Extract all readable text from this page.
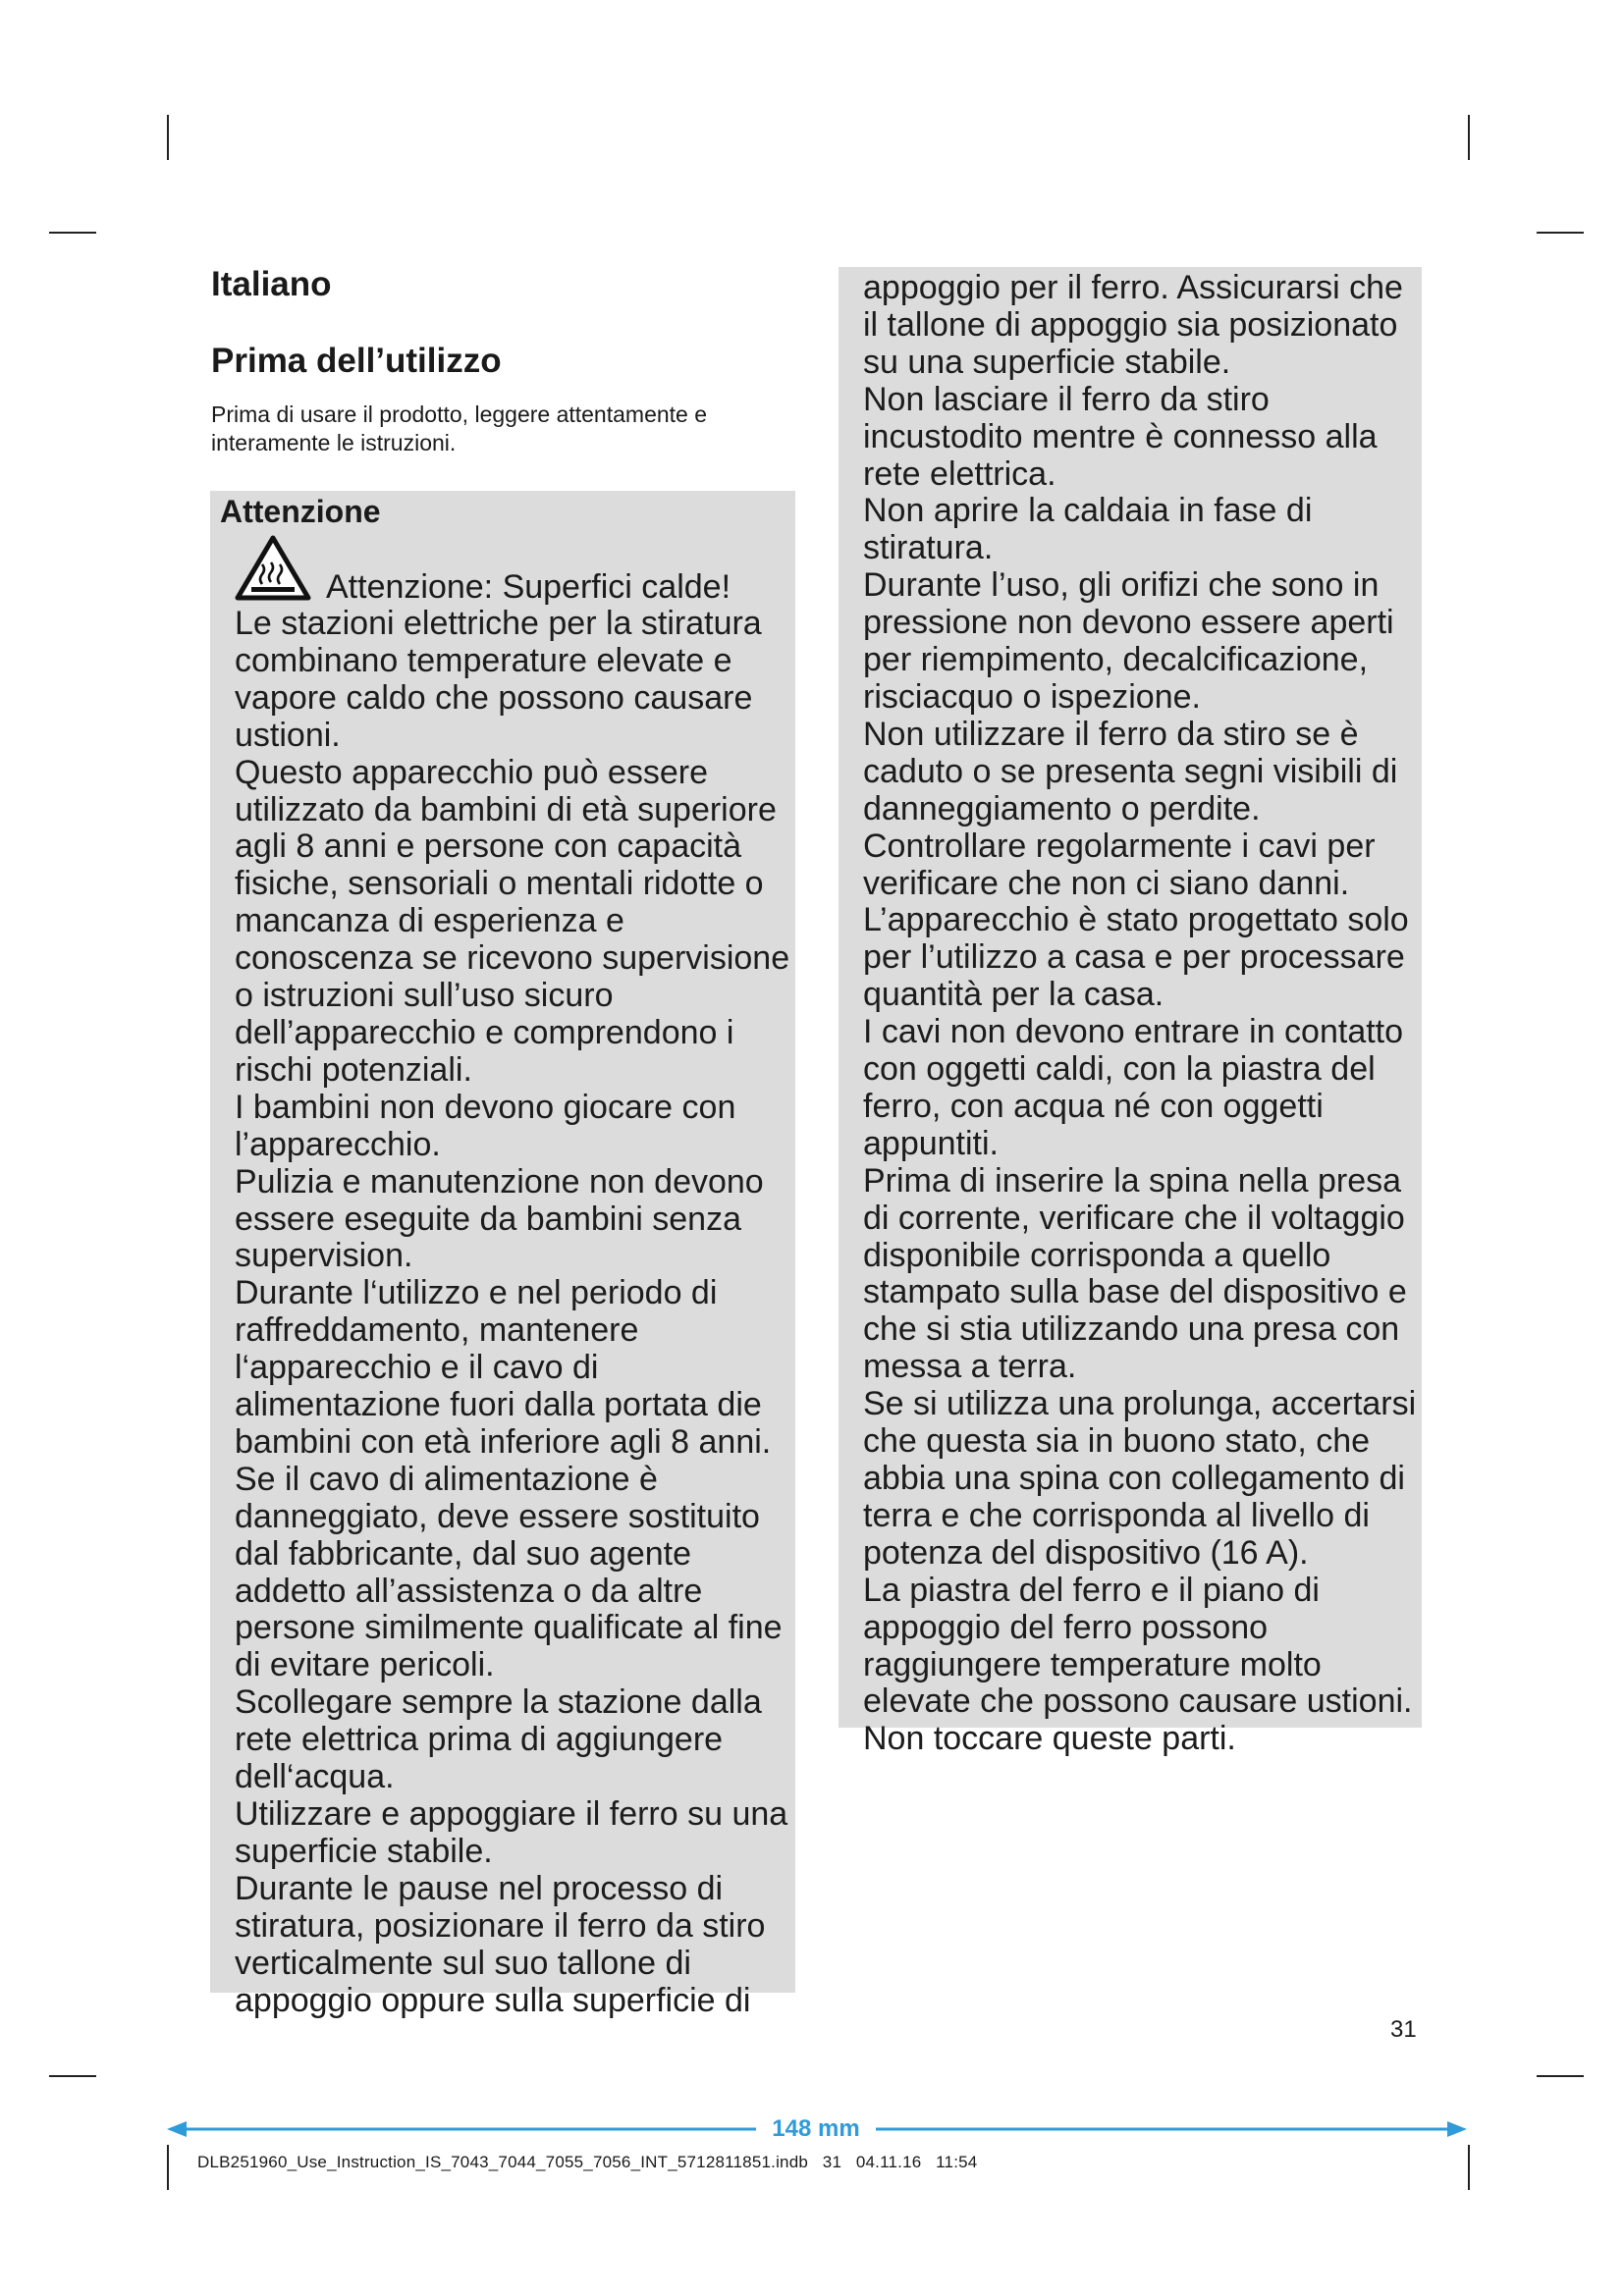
Italiano
Prima dell’utilizzo
Prima di usare il prodotto, leggere attentamente e interamente le istruzioni.
Attenzione
Attenzione: Superfici calde!

Le stazioni elettriche per la stiratura combinano temperature elevate e vapore caldo che possono causare ustioni.

Questo apparecchio può essere utilizzato da bambini di età superiore agli 8 anni e persone con capacità fisiche, sensoriali o mentali ridotte o mancanza di esperienza e conoscenza se ricevono supervisione o istruzioni sull’uso sicuro dell’apparecchio e comprendono i rischi potenziali.

I bambini non devono giocare con l’apparecchio.

Pulizia e manutenzione non devono essere eseguite da bambini senza supervision.

Durante l‘utilizzo e nel periodo di raffreddamento, mantenere l‘apparecchio e il cavo di alimentazione fuori dalla portata die bambini con età inferiore agli 8 anni.

Se il cavo di alimentazione è danneggiato, deve essere sostituito dal fabbricante, dal suo agente addetto all’assistenza o da altre persone similmente qualificate al fine di evitare pericoli.

Scollegare sempre la stazione dalla rete elettrica prima di aggiungere dell‘acqua.

Utilizzare e appoggiare il ferro su una superficie stabile.

Durante le pause nel processo di stiratura, posizionare il ferro da stiro verticalmente sul suo tallone di appoggio oppure sulla superficie di

appoggio per il ferro. Assicurarsi che il tallone di appoggio sia posizionato su una superficie stabile.

Non lasciare il ferro da stiro incustodito mentre è connesso alla rete elettrica.

Non aprire la caldaia in fase di stiratura.

Durante l’uso, gli orifizi che sono in pressione non devono essere aperti per riempimento, decalcificazione, risciacquo o ispezione.

Non utilizzare il ferro da stiro se è caduto o se presenta segni visibili di danneggiamento o perdite. Controllare regolarmente i cavi per verificare che non ci siano danni.

L’apparecchio è stato progettato solo per l’utilizzo a casa e per processare quantità per la casa.

I cavi non devono entrare in contatto con oggetti caldi, con la piastra del ferro, con acqua né con oggetti appuntiti.

Prima di inserire la spina nella presa di corrente, verificare che il voltaggio disponibile corrisponda a quello stampato sulla base del dispositivo e che si stia utilizzando una presa con messa a terra.

Se si utilizza una prolunga, accertarsi che questa sia in buono stato, che abbia una spina con collegamento di terra e che corrisponda al livello di potenza del dispositivo (16 A).

La piastra del ferro e il piano di appoggio del ferro possono raggiungere temperature molto elevate che possono causare ustioni. Non toccare queste parti.

31
148 mm
DLB251960_Use_Instruction_IS_7043_7044_7055_7056_INT_5712811851.indb   31   04.11.16   11:54
